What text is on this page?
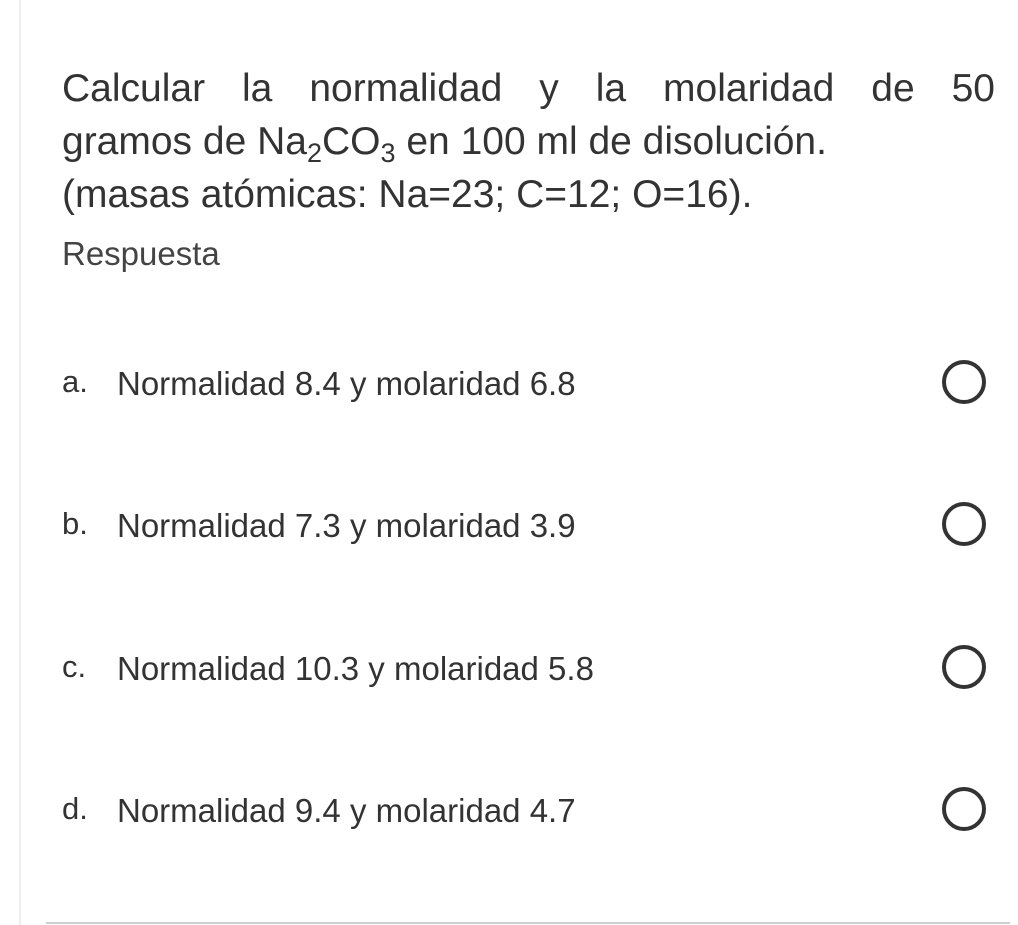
Calcular la normalidad y la molaridad de 50
gramos de $Na_2CO_3$ en 100 ml de disolución.
(masas atómicas: Na=23; C=12; O=16).
Respuesta
a. Normalidad 8.4 y molaridad 6.8
b. Normalidad 7.3 y molaridad 3.9
c. Normalidad 10.3 y molaridad 5.8
d. Normalidad 9.4 y molaridad 4.7
